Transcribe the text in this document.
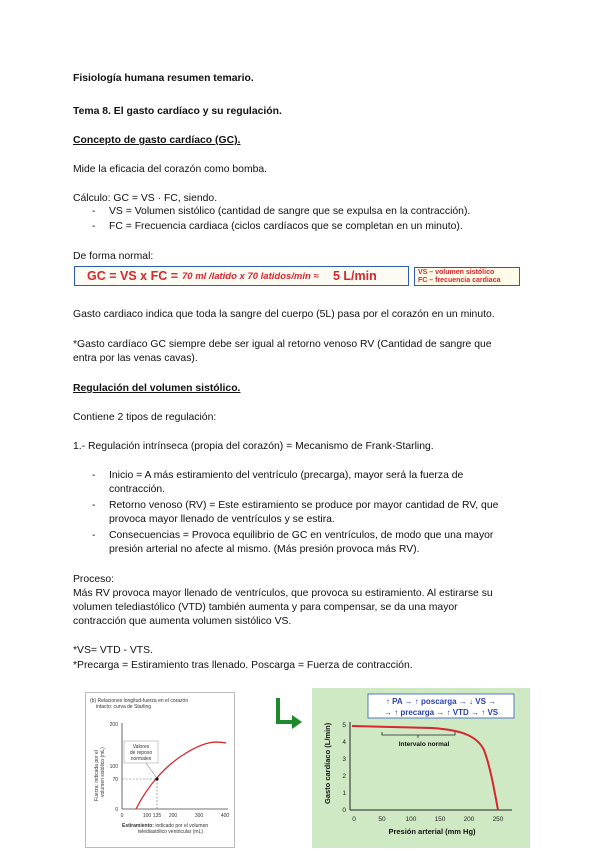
Fisiología humana resumen temario.
Tema 8. El gasto cardíaco y su regulación.
Concepto de gasto cardíaco (GC).
Mide la eficacia del corazón como bomba.
Cálculo: GC = VS · FC, siendo.
- VS = Volumen sistólico (cantidad de sangre que se expulsa en la contracción).
- FC = Frecuencia cardiaca (ciclos cardíacos que se completan en un minuto).
De forma normal:
GC = VS x FC = 70 ml /latido x 70 latidos/min ≈ 5 L/min	VS – volumen sistólico
FC – frecuencia cardiaca
Gasto cardiaco indica que toda la sangre del cuerpo (5L) pasa por el corazón en un minuto.
*Gasto cardíaco GC siempre debe ser igual al retorno venoso RV (Cantidad de sangre que
entra por las venas cavas).
Regulación del volumen sistólico.
Contiene 2 tipos de regulación:
1.- Regulación intrínseca (propia del corazón) = Mecanismo de Frank-Starling.
- Inicio = A más estiramiento del ventrículo (precarga), mayor será la fuerza de
contracción.
- Retorno venoso (RV) = Este estiramiento se produce por mayor cantidad de RV, que
provoca mayor llenado de ventrículos y se estira.
- Consecuencias = Provoca equilibrio de GC en ventrículos, de modo que una mayor
presión arterial no afecte al mismo. (Más presión provoca más RV).
Proceso:
Más RV provoca mayor llenado de ventrículos, que provoca su estiramiento. Al estirarse su
volumen telediastólico (VTD) también aumenta y para compensar, se da una mayor
contracción que aumenta volumen sistólico VS.
*VS= VTD - VTS.
*Precarga = Estiramiento tras llenado. Poscarga = Fuerza de contracción.
(b) Relaciones longitud-fuerza en el corazón
intacto: curva de Starling
200
100
70
0
0	100 135 200	300	400
Fuerza: indicada por el volumen sistólico (mL)
Valores
de reposo
normales
Estiramiento: indicado por el volumen
telediastólico ventricular (mL)
↑ PA → ↑ poscarga → ↓ VS →
→ ↑ precarga → ↑ VTD → ↑ VS
0
1
2
3
4
5
0	50	100	150	200	250
Gasto cardíaco (L/min)	Intervalo normal
Presión arterial (mm Hg)
